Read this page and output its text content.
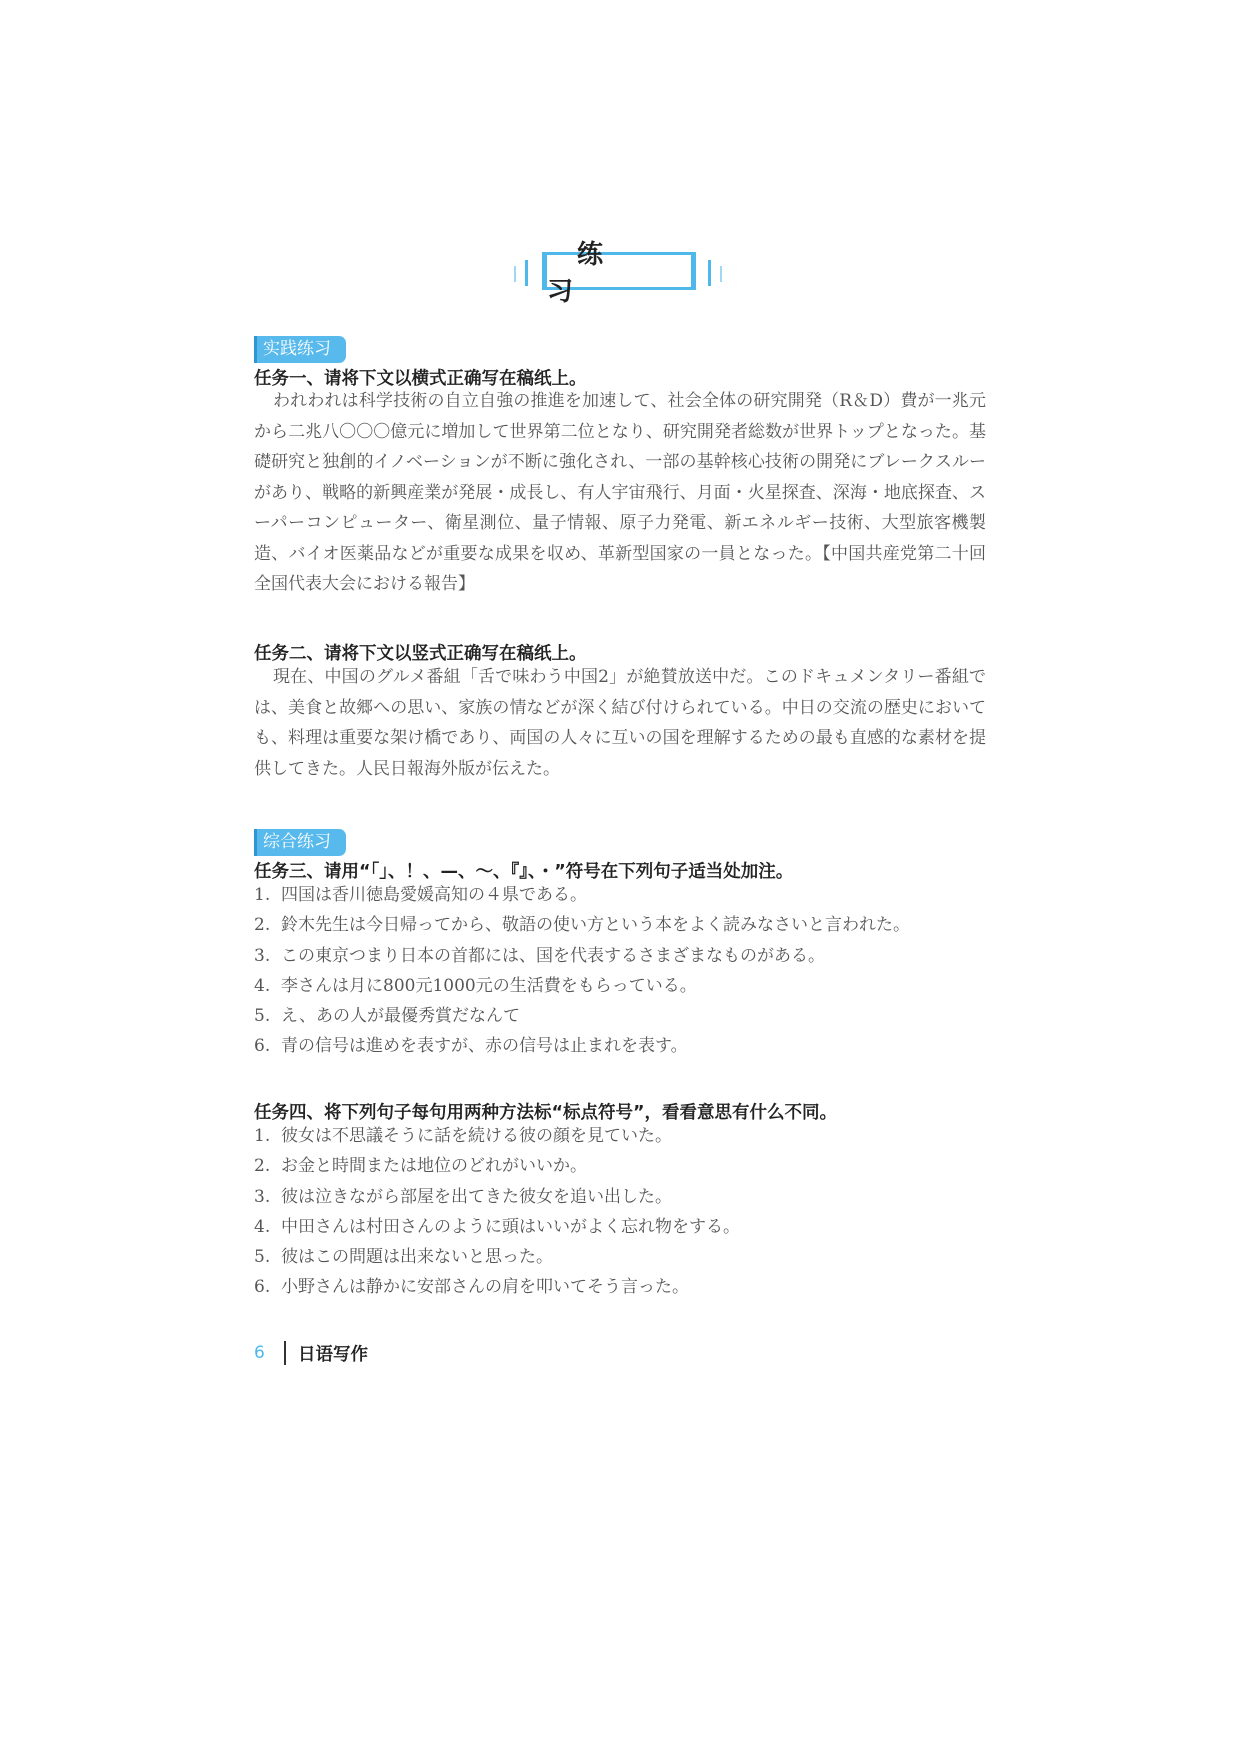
练　习
实践练习
任务一、请将下文以横式正确写在稿纸上。

われわれは科学技術の自立自強の推進を加速して、社会全体の研究開発（R＆D）費が一兆元から二兆八〇〇〇億元に増加して世界第二位となり、研究開発者総数が世界トップとなった。基礎研究と独創的イノベーションが不断に強化され、一部の基幹核心技術の開発にブレークスルーがあり、戦略的新興産業が発展・成長し、有人宇宙飛行、月面・火星探査、深海・地底探査、スーパーコンピューター、衛星測位、量子情報、原子力発電、新エネルギー技術、大型旅客機製造、バイオ医薬品などが重要な成果を収め、革新型国家の一員となった。【中国共産党第二十回全国代表大会における報告】

任务二、请将下文以竖式正确写在稿纸上。

現在、中国のグルメ番組「舌で味わう中国2」が絶賛放送中だ。このドキュメンタリー番組では、美食と故郷への思い、家族の情などが深く結び付けられている。中日の交流の歴史においても、料理は重要な架け橋であり、両国の人々に互いの国を理解するための最も直感的な素材を提供してきた。人民日報海外版が伝えた。

综合练习
任务三、请用“「」、！、—、～、『』、・”符号在下列句子适当处加注。
1. 四国は香川徳島愛媛高知の４県である。
2. 鈴木先生は今日帰ってから、敬語の使い方という本をよく読みなさいと言われた。
3. この東京つまり日本の首都には、国を代表するさまざまなものがある。
4. 李さんは月に800元1000元の生活費をもらっている。
5. え、あの人が最優秀賞だなんて
6. 青の信号は進めを表すが、赤の信号は止まれを表す。
任务四、将下列句子每句用两种方法标“标点符号”，看看意思有什么不同。
1. 彼女は不思議そうに話を続ける彼の顔を見ていた。
2. お金と時間または地位のどれがいいか。
3. 彼は泣きながら部屋を出てきた彼女を追い出した。
4. 中田さんは村田さんのように頭はいいがよく忘れ物をする。
5. 彼はこの問題は出来ないと思った。
6. 小野さんは静かに安部さんの肩を叩いてそう言った。
6	日语写作
